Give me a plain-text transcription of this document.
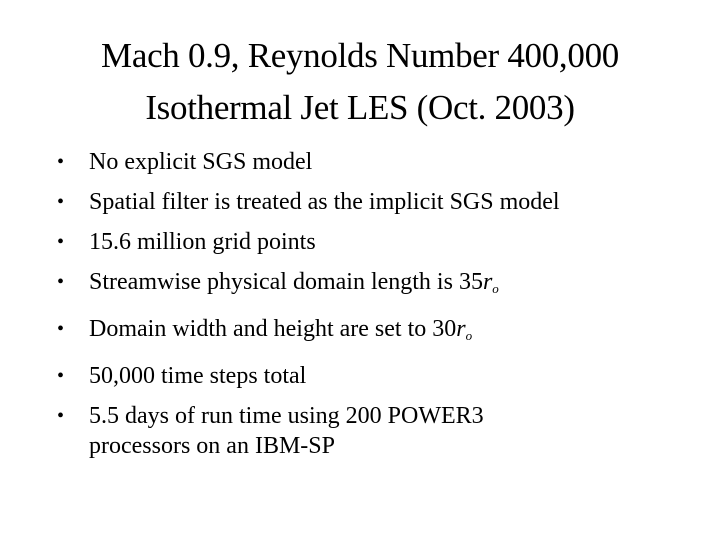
Mach 0.9, Reynolds Number 400,000
Isothermal Jet LES (Oct. 2003)
• No explicit SGS model
• Spatial filter is treated as the implicit SGS model
• 15.6 million grid points
• Streamwise physical domain length is $35r_o$
• Domain width and height are set to $30r_o$
• 50,000 time steps total
• 5.5 days of run time using 200 POWER3
processors on an IBM-SP
